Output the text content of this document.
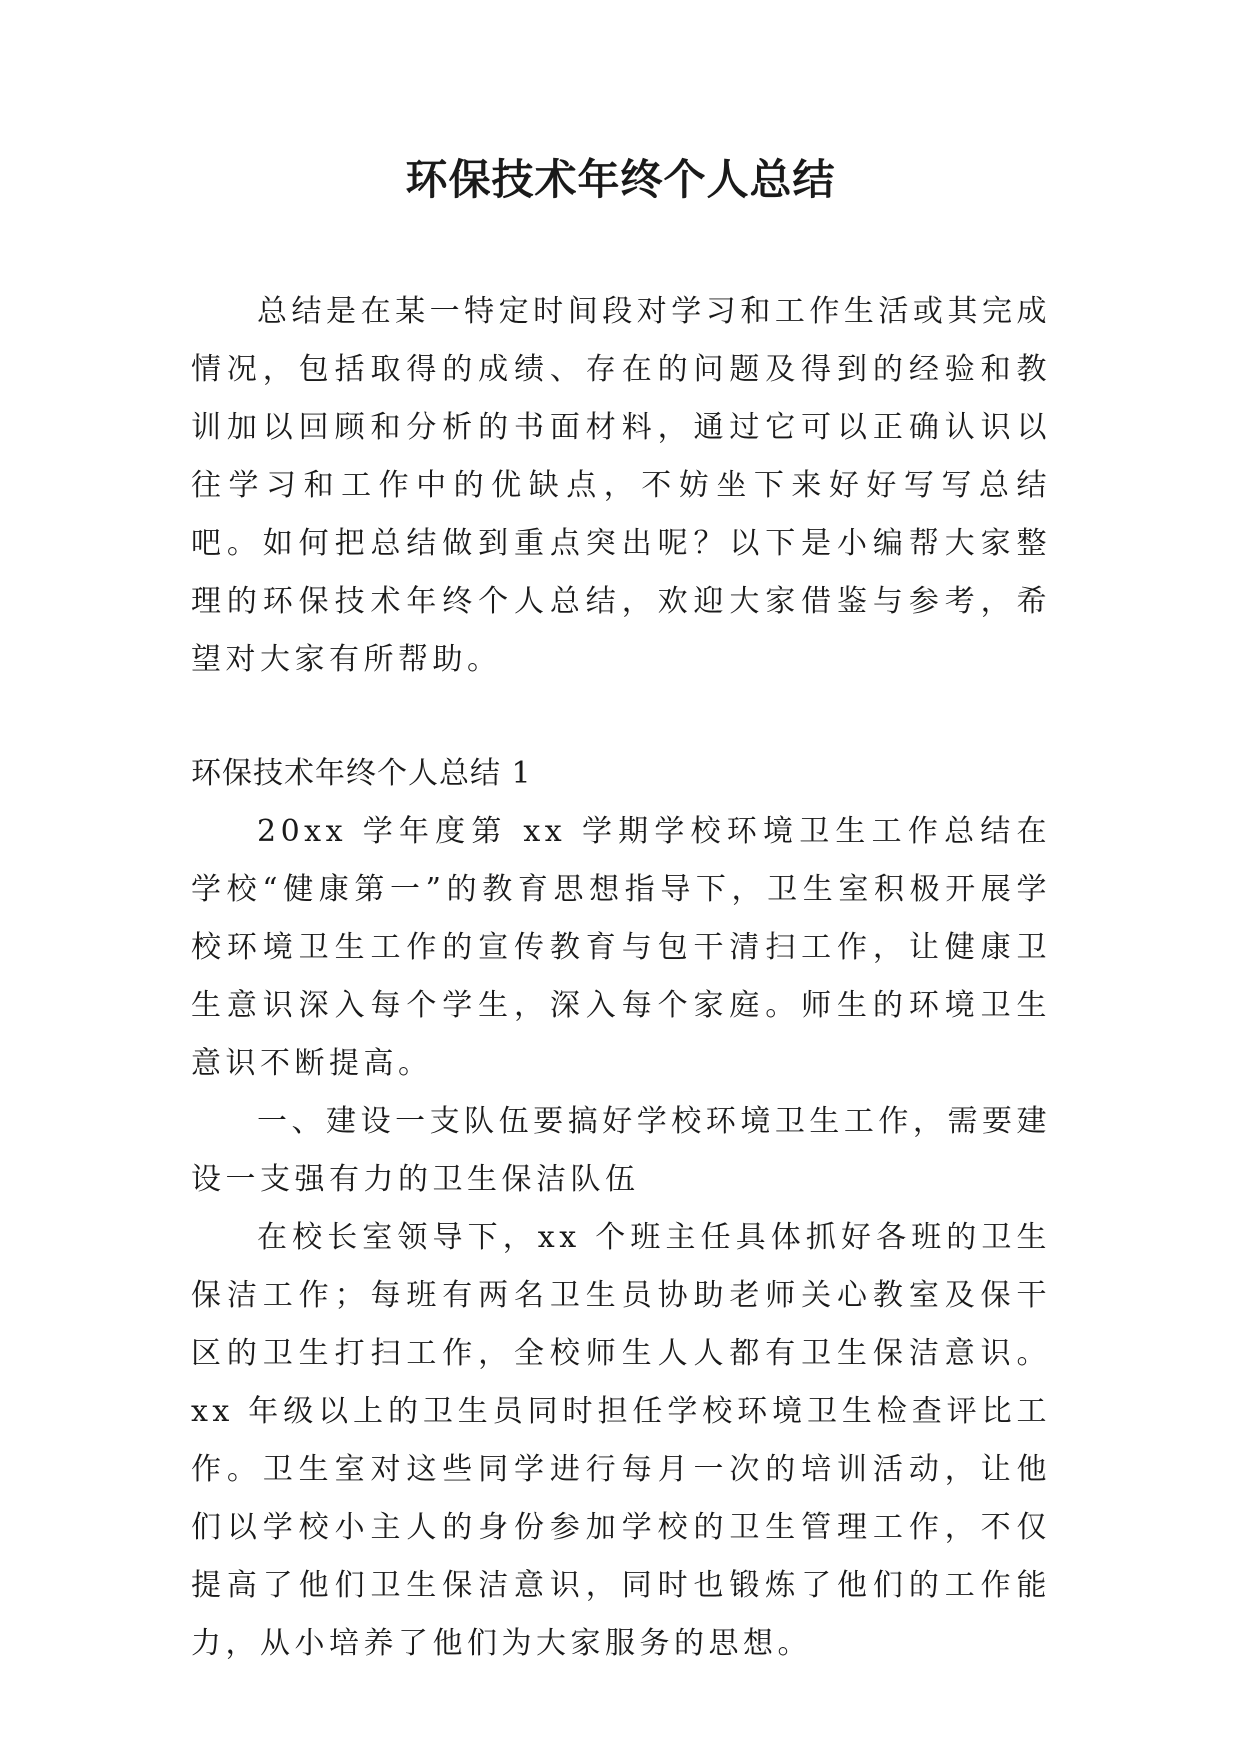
环保技术年终个人总结

总结是在某一特定时间段对学习和工作生活或其完成情况，包括取得的成绩、存在的问题及得到的经验和教训加以回顾和分析的书面材料，通过它可以正确认识以往学习和工作中的优缺点，不妨坐下来好好写写总结吧。如何把总结做到重点突出呢？以下是小编帮大家整理的环保技术年终个人总结，欢迎大家借鉴与参考，希望对大家有所帮助。

环保技术年终个人总结 1

20xx 学年度第 xx 学期学校环境卫生工作总结在学校“健康第一”的教育思想指导下，卫生室积极开展学校环境卫生工作的宣传教育与包干清扫工作，让健康卫生意识深入每个学生，深入每个家庭。师生的环境卫生意识不断提高。

一、建设一支队伍要搞好学校环境卫生工作，需要建设一支强有力的卫生保洁队伍

在校长室领导下，xx 个班主任具体抓好各班的卫生保洁工作；每班有两名卫生员协助老师关心教室及保干区的卫生打扫工作，全校师生人人都有卫生保洁意识。xx 年级以上的卫生员同时担任学校环境卫生检查评比工作。卫生室对这些同学进行每月一次的培训活动，让他们以学校小主人的身份参加学校的卫生管理工作，不仅提高了他们卫生保洁意识，同时也锻炼了他们的工作能力，从小培养了他们为大家服务的思想。
